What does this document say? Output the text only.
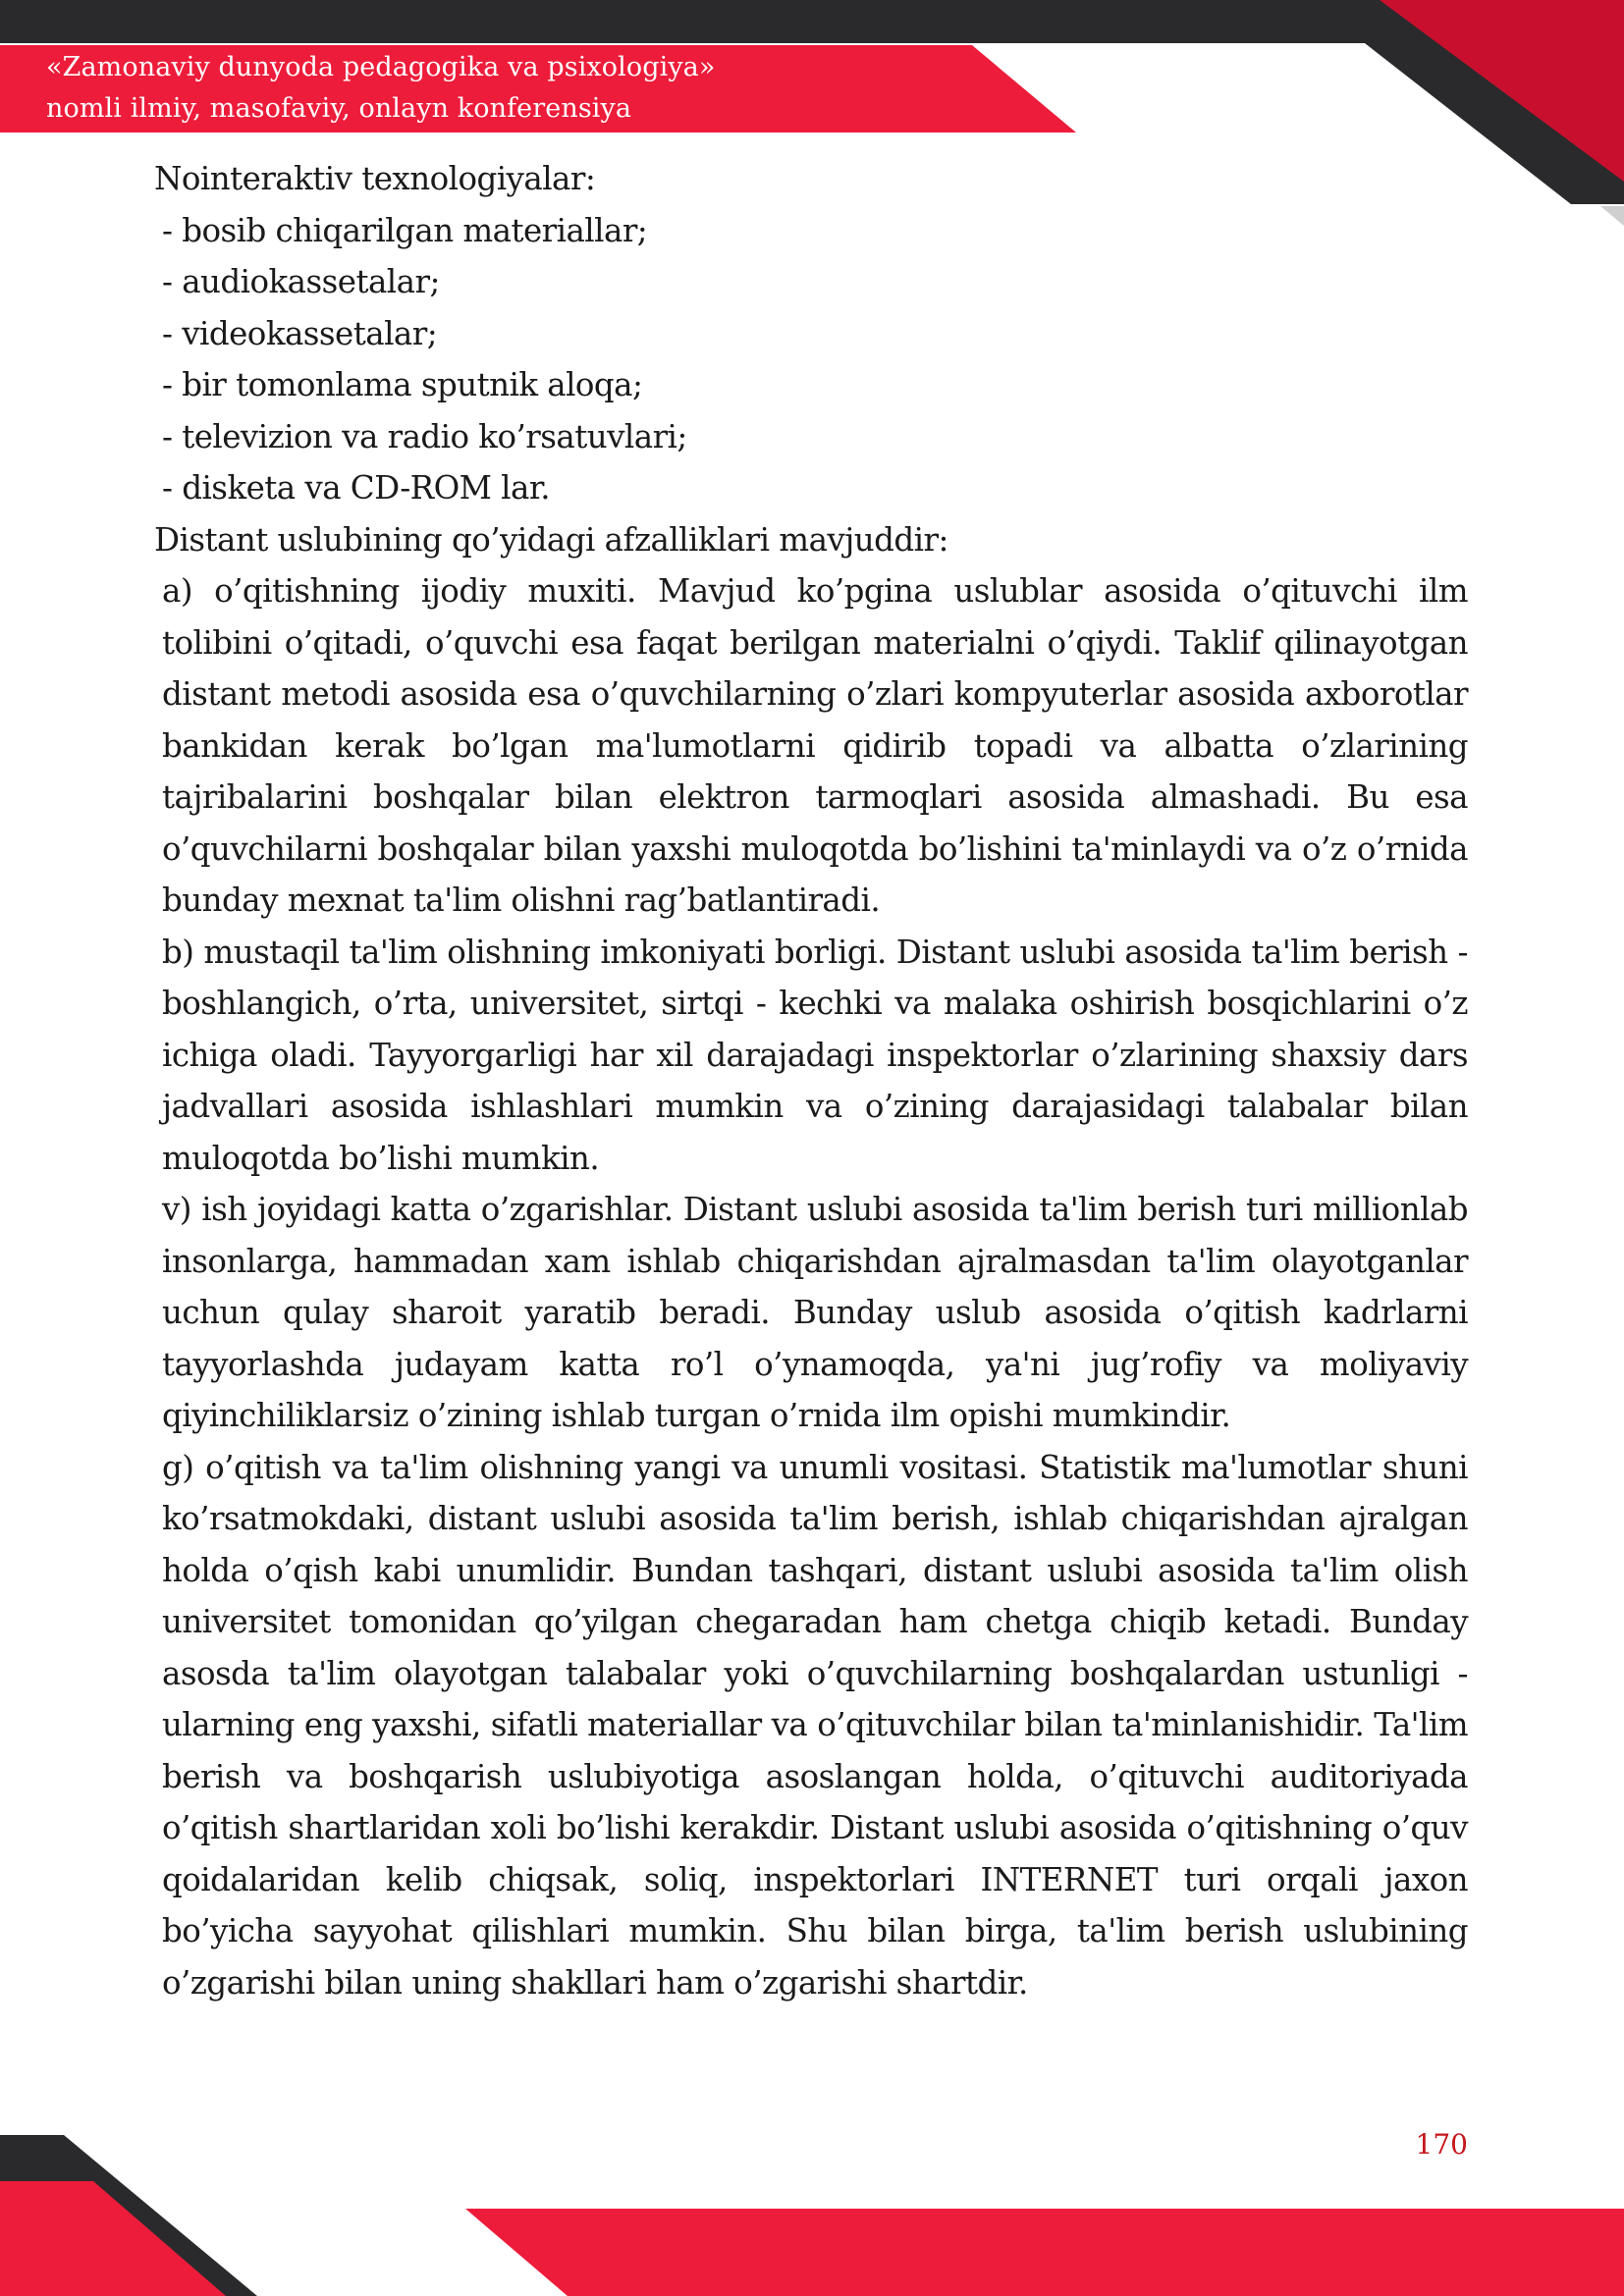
«Zamonaviy dunyoda pedagogika va psixologiya»
nomli ilmiy, masofaviy, onlayn konferensiya
Nointeraktiv texnologiyalar:
- bosib chiqarilgan materiallar;
- audiokassetalar;
- videokassetalar;
- bir tomonlama sputnik aloqa;
- televizion va radio ko’rsatuvlari;
- disketa va CD-ROM lar.
Distant uslubining qo’yidagi afzalliklari mavjuddir:

a) o’qitishning ijodiy muxiti. Mavjud ko’pgina uslublar asosida o’qituvchi ilm tolibini o’qitadi, o’quvchi esa faqat berilgan materialni o’qiydi. Taklif qilinayotgan distant metodi asosida esa o’quvchilarning o’zlari kompyuterlar asosida axborotlar bankidan kerak bo’lgan ma'lumotlarni qidirib topadi va albatta o’zlarining tajribalarini boshqalar bilan elektron tarmoqlari asosida almashadi. Bu esa o’quvchilarni boshqalar bilan yaxshi muloqotda bo’lishini ta'minlaydi va o’z o’rnida bunday mexnat ta'lim olishni rag’batlantiradi.

b) mustaqil ta'lim olishning imkoniyati borligi. Distant uslubi asosida ta'lim berish - boshlangich, o’rta, universitet, sirtqi - kechki va malaka oshirish bosqichlarini o’z ichiga oladi. Tayyorgarligi har xil darajadagi inspektorlar o’zlarining shaxsiy dars jadvallari asosida ishlashlari mumkin va o’zining darajasidagi talabalar bilan muloqotda bo’lishi mumkin.

v) ish joyidagi katta o’zgarishlar. Distant uslubi asosida ta'lim berish turi millionlab insonlarga, hammadan xam ishlab chiqarishdan ajralmasdan ta'lim olayotganlar uchun qulay sharoit yaratib beradi. Bunday uslub asosida o’qitish kadrlarni tayyorlashda judayam katta ro’l o’ynamoqda, ya'ni jug’rofiy va moliyaviy qiyinchiliklarsiz o’zining ishlab turgan o’rnida ilm opishi mumkindir.

g) o’qitish va ta'lim olishning yangi va unumli vositasi. Statistik ma'lumotlar shuni ko’rsatmokdaki, distant uslubi asosida ta'lim berish, ishlab chiqarishdan ajralgan holda o’qish kabi unumlidir. Bundan tashqari, distant uslubi asosida ta'lim olish universitet tomonidan qo’yilgan chegaradan ham chetga chiqib ketadi. Bunday asosda ta'lim olayotgan talabalar yoki o’quvchilarning boshqalardan ustunligi - ularning eng yaxshi, sifatli materiallar va o’qituvchilar bilan ta'minlanishidir. Ta'lim berish va boshqarish uslubiyotiga asoslangan holda, o’qituvchi auditoriyada o’qitish shartlaridan xoli bo’lishi kerakdir. Distant uslubi asosida o’qitishning o’quv qoidalaridan kelib chiqsak, soliq, inspektorlari INTERNET turi orqali jaxon bo’yicha sayyohat qilishlari mumkin. Shu bilan birga, ta'lim berish uslubining o’zgarishi bilan uning shakllari ham o’zgarishi shartdir.

170
